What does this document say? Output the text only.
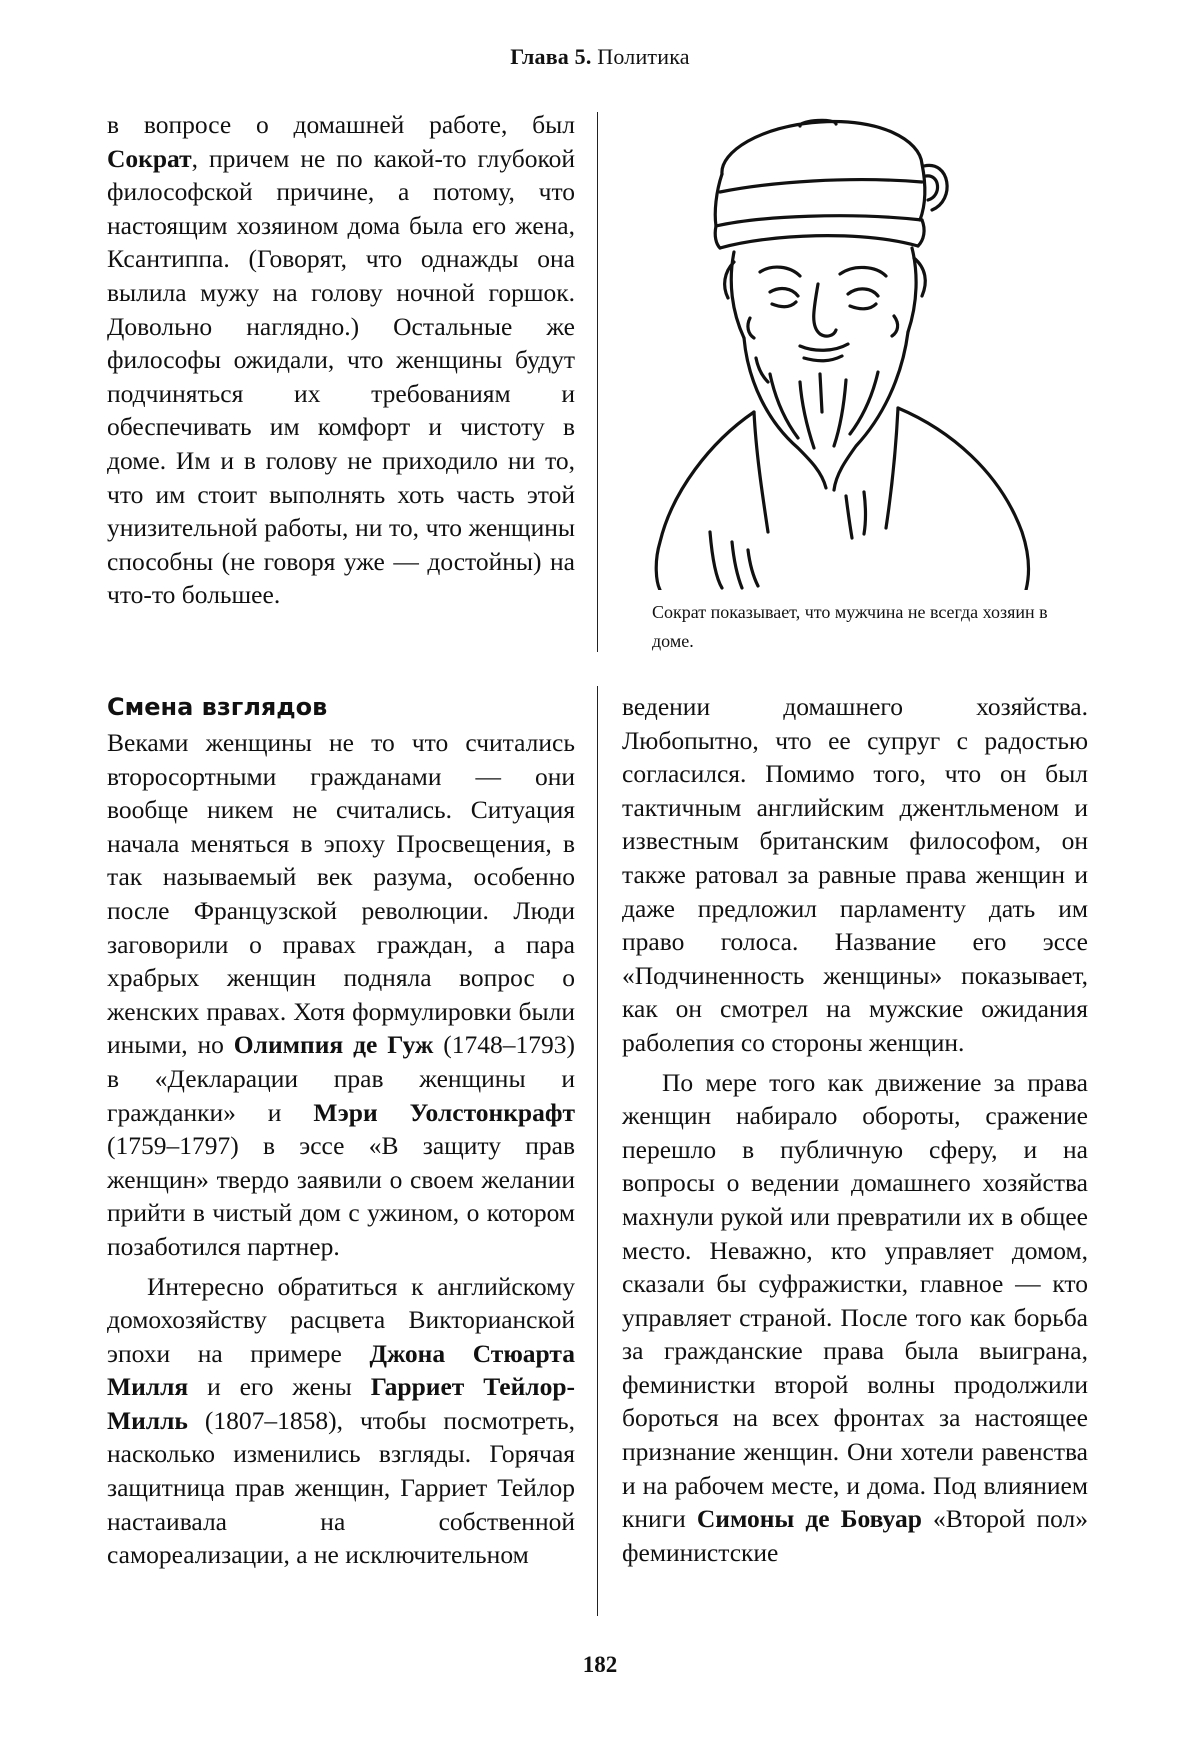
Глава 5. Политика

в вопросе о домашней работе, был Сократ, причем не по какой-то глубокой философской причине, а потому, что настоящим хозяином дома была его жена, Ксантиппа. (Говорят, что однажды она вылила мужу на голову ночной горшок. Довольно наглядно.) Остальные же философы ожидали, что женщины будут подчиняться их требованиям и обеспечивать им комфорт и чистоту в доме. Им и в голову не приходило ни то, что им стоит выполнять хоть часть этой унизительной работы, ни то, что женщины способны (не говоря уже — достойны) на что-то большее.

Сократ показывает, что мужчина не всегда хозяин в доме.
Смена взглядов

Веками женщины не то что считались второсортными гражданами — они вообще никем не считались. Ситуация начала меняться в эпоху Просвещения, в так называемый век разума, особенно после Французской революции. Люди заговорили о правах граждан, а пара храбрых женщин подняла вопрос о женских правах. Хотя формулировки были иными, но Олимпия де Гуж (1748–1793) в «Декларации прав женщины и гражданки» и Мэри Уолстонкрафт (1759–1797) в эссе «В защиту прав женщин» твердо заявили о своем желании прийти в чистый дом с ужином, о котором позаботился партнер.

Интересно обратиться к английскому домохозяйству расцвета Викторианской эпохи на примере Джона Стюарта Милля и его жены Гарриет Тейлор-Милль (1807–1858), чтобы посмотреть, насколько изменились взгляды. Горячая защитница прав женщин, Гарриет Тейлор настаивала на собственной самореализации, а не исключительном

ведении домашнего хозяйства. Любопытно, что ее супруг с радостью согласился. Помимо того, что он был тактичным английским джентльменом и известным британским философом, он также ратовал за равные права женщин и даже предложил парламенту дать им право голоса. Название его эссе «Подчиненность женщины» показывает, как он смотрел на мужские ожидания раболепия со стороны женщин.

По мере того как движение за права женщин набирало обороты, сражение перешло в публичную сферу, и на вопросы о ведении домашнего хозяйства махнули рукой или превратили их в общее место. Неважно, кто управляет домом, сказали бы суфражистки, главное — кто управляет страной. После того как борьба за гражданские права была выиграна, феминистки второй волны продолжили бороться на всех фронтах за настоящее признание женщин. Они хотели равенства и на рабочем месте, и дома. Под влиянием книги Симоны де Бовуар «Второй пол» феминистские

182
